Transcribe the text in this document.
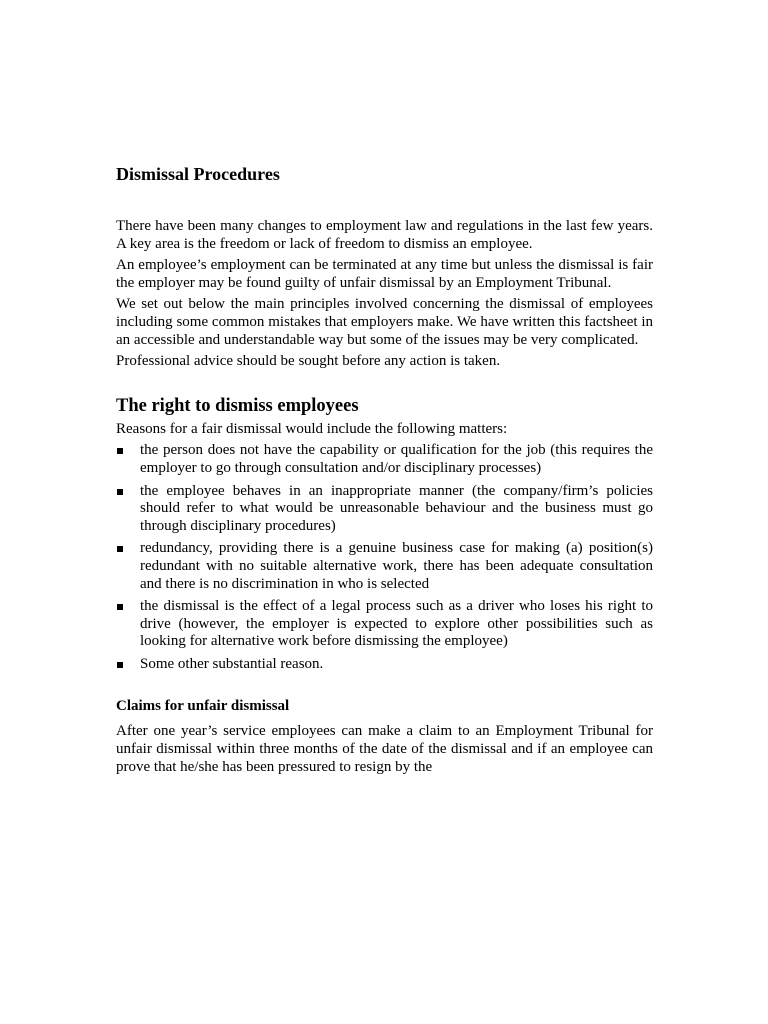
Dismissal Procedures

There have been many changes to employment law and regulations in the last few years. A key area is the freedom or lack of freedom to dismiss an employee.

An employee’s employment can be terminated at any time but unless the dismissal is fair the employer may be found guilty of unfair dismissal by an Employment Tribunal.

We set out below the main principles involved concerning the dismissal of employees including some common mistakes that employers make. We have written this factsheet in an accessible and understandable way but some of the issues may be very complicated.

Professional advice should be sought before any action is taken.

The right to dismiss employees

Reasons for a fair dismissal would include the following matters:

the person does not have the capability or qualification for the job (this requires the employer to go through consultation and/or disciplinary processes)
the employee behaves in an inappropriate manner (the company/firm’s policies should refer to what would be unreasonable behaviour and the business must go through disciplinary procedures)
redundancy, providing there is a genuine business case for making (a) position(s) redundant with no suitable alternative work, there has been adequate consultation and there is no discrimination in who is selected
the dismissal is the effect of a legal process such as a driver who loses his right to drive (however, the employer is expected to explore other possibilities such as looking for alternative work before dismissing the employee)
Some other substantial reason.
Claims for unfair dismissal

After one year’s service employees can make a claim to an Employment Tribunal for unfair dismissal within three months of the date of the dismissal and if an employee can prove that he/she has been pressured to resign by the
